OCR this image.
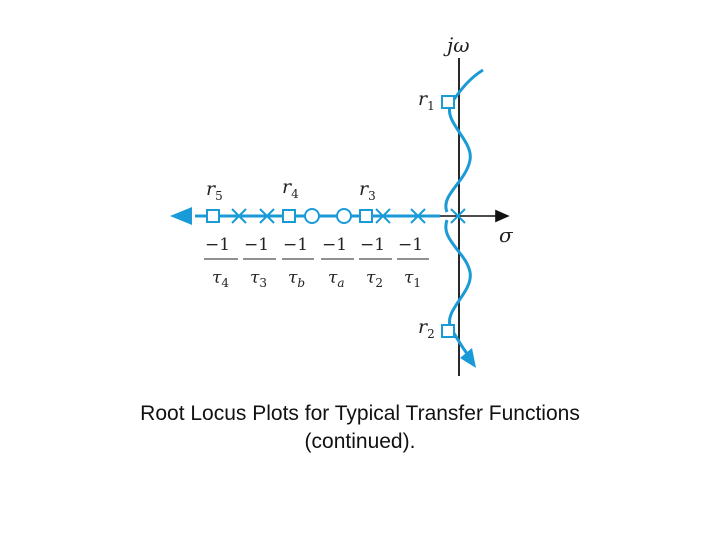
jω
σ
$r_1$
$r_2$
$r_3$
$r_4$
$r_5$
−1
$\tau_4$
−1
$\tau_3$
−1
$\tau_b$
−1
$\tau_a$
−1
$\tau_2$
−1
$\tau_1$
Root Locus Plots for Typical Transfer Functions
(continued).
